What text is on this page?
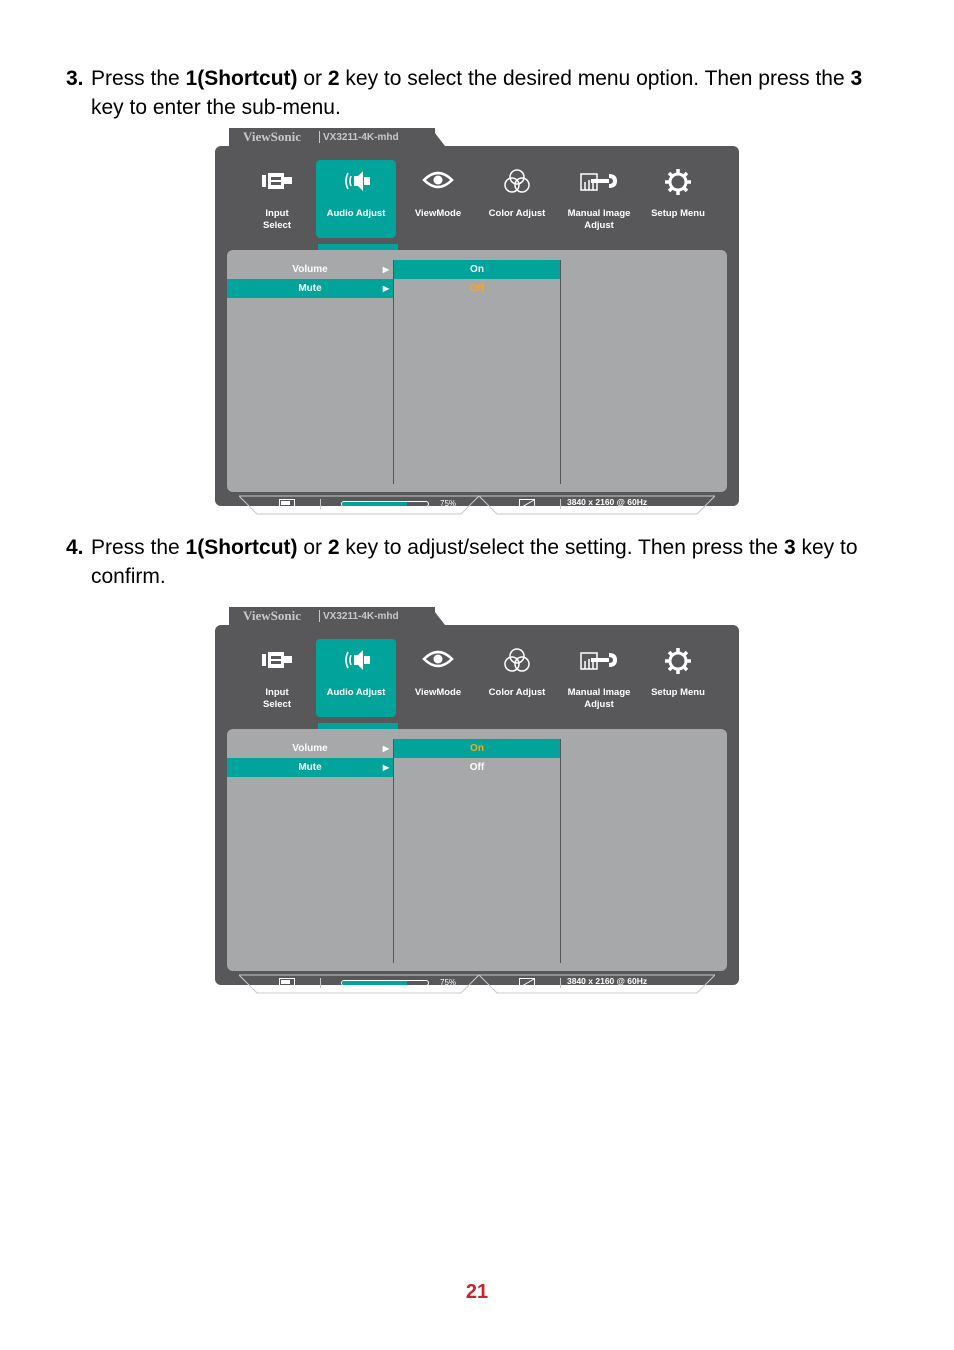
3. Press the 1(Shortcut) or 2 key to select the desired menu option. Then press the 3 key to enter the sub-menu.
ViewSonic VX3211-4K-mhd
Input
Select
Audio Adjust	ViewMode	Color Adjust	Manual Image
Adjust
Setup Menu
Volume	▶
Mute	▶
On
Off
75%	3840 x 2160 @ 60Hz
4. Press the 1(Shortcut) or 2 key to adjust/select the setting. Then press the 3 key to confirm.
ViewSonic VX3211-4K-mhd
Input
Select
Audio Adjust	ViewMode	Color Adjust	Manual Image
Adjust
Setup Menu
Volume	▶
Mute	▶
On
Off
75%	3840 x 2160 @ 60Hz
21
